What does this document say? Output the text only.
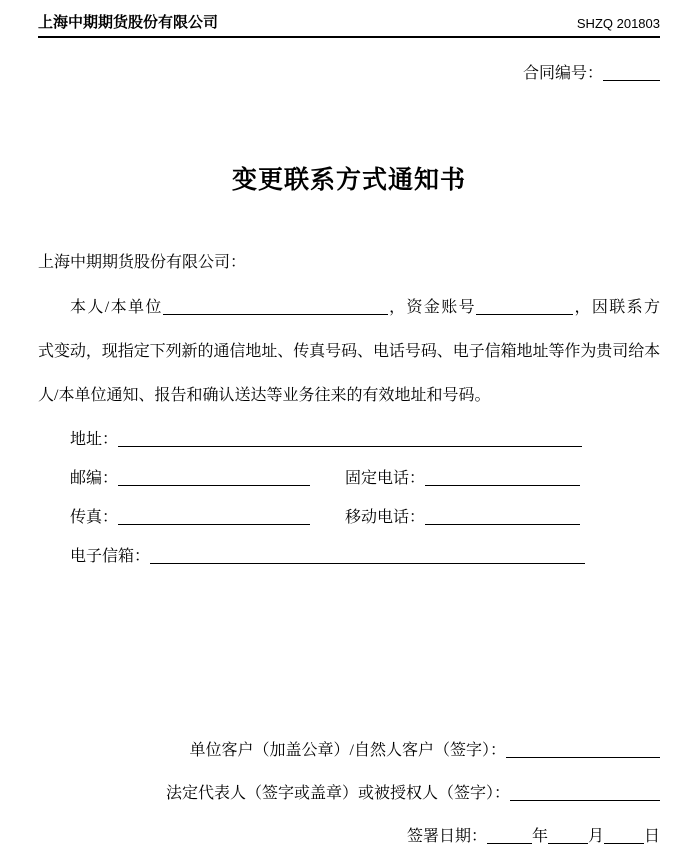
上海中期期货股份有限公司	SHZQ 201803
合同编号：
变更联系方式通知书
上海中期期货股份有限公司：
本人/本单位	，资金账号	，因联系方
式变动，现指定下列新的通信地址、传真号码、电话号码、电子信箱地址等作为贵司给本
人/本单位通知、报告和确认送达等业务往来的有效地址和号码。
地址：
邮编：	固定电话：
传真：	移动电话：
电子信箱：
单位客户（加盖公章）/自然人客户（签字）：
法定代表人（签字或盖章）或被授权人（签字）：
签署日期：	年	月	日
